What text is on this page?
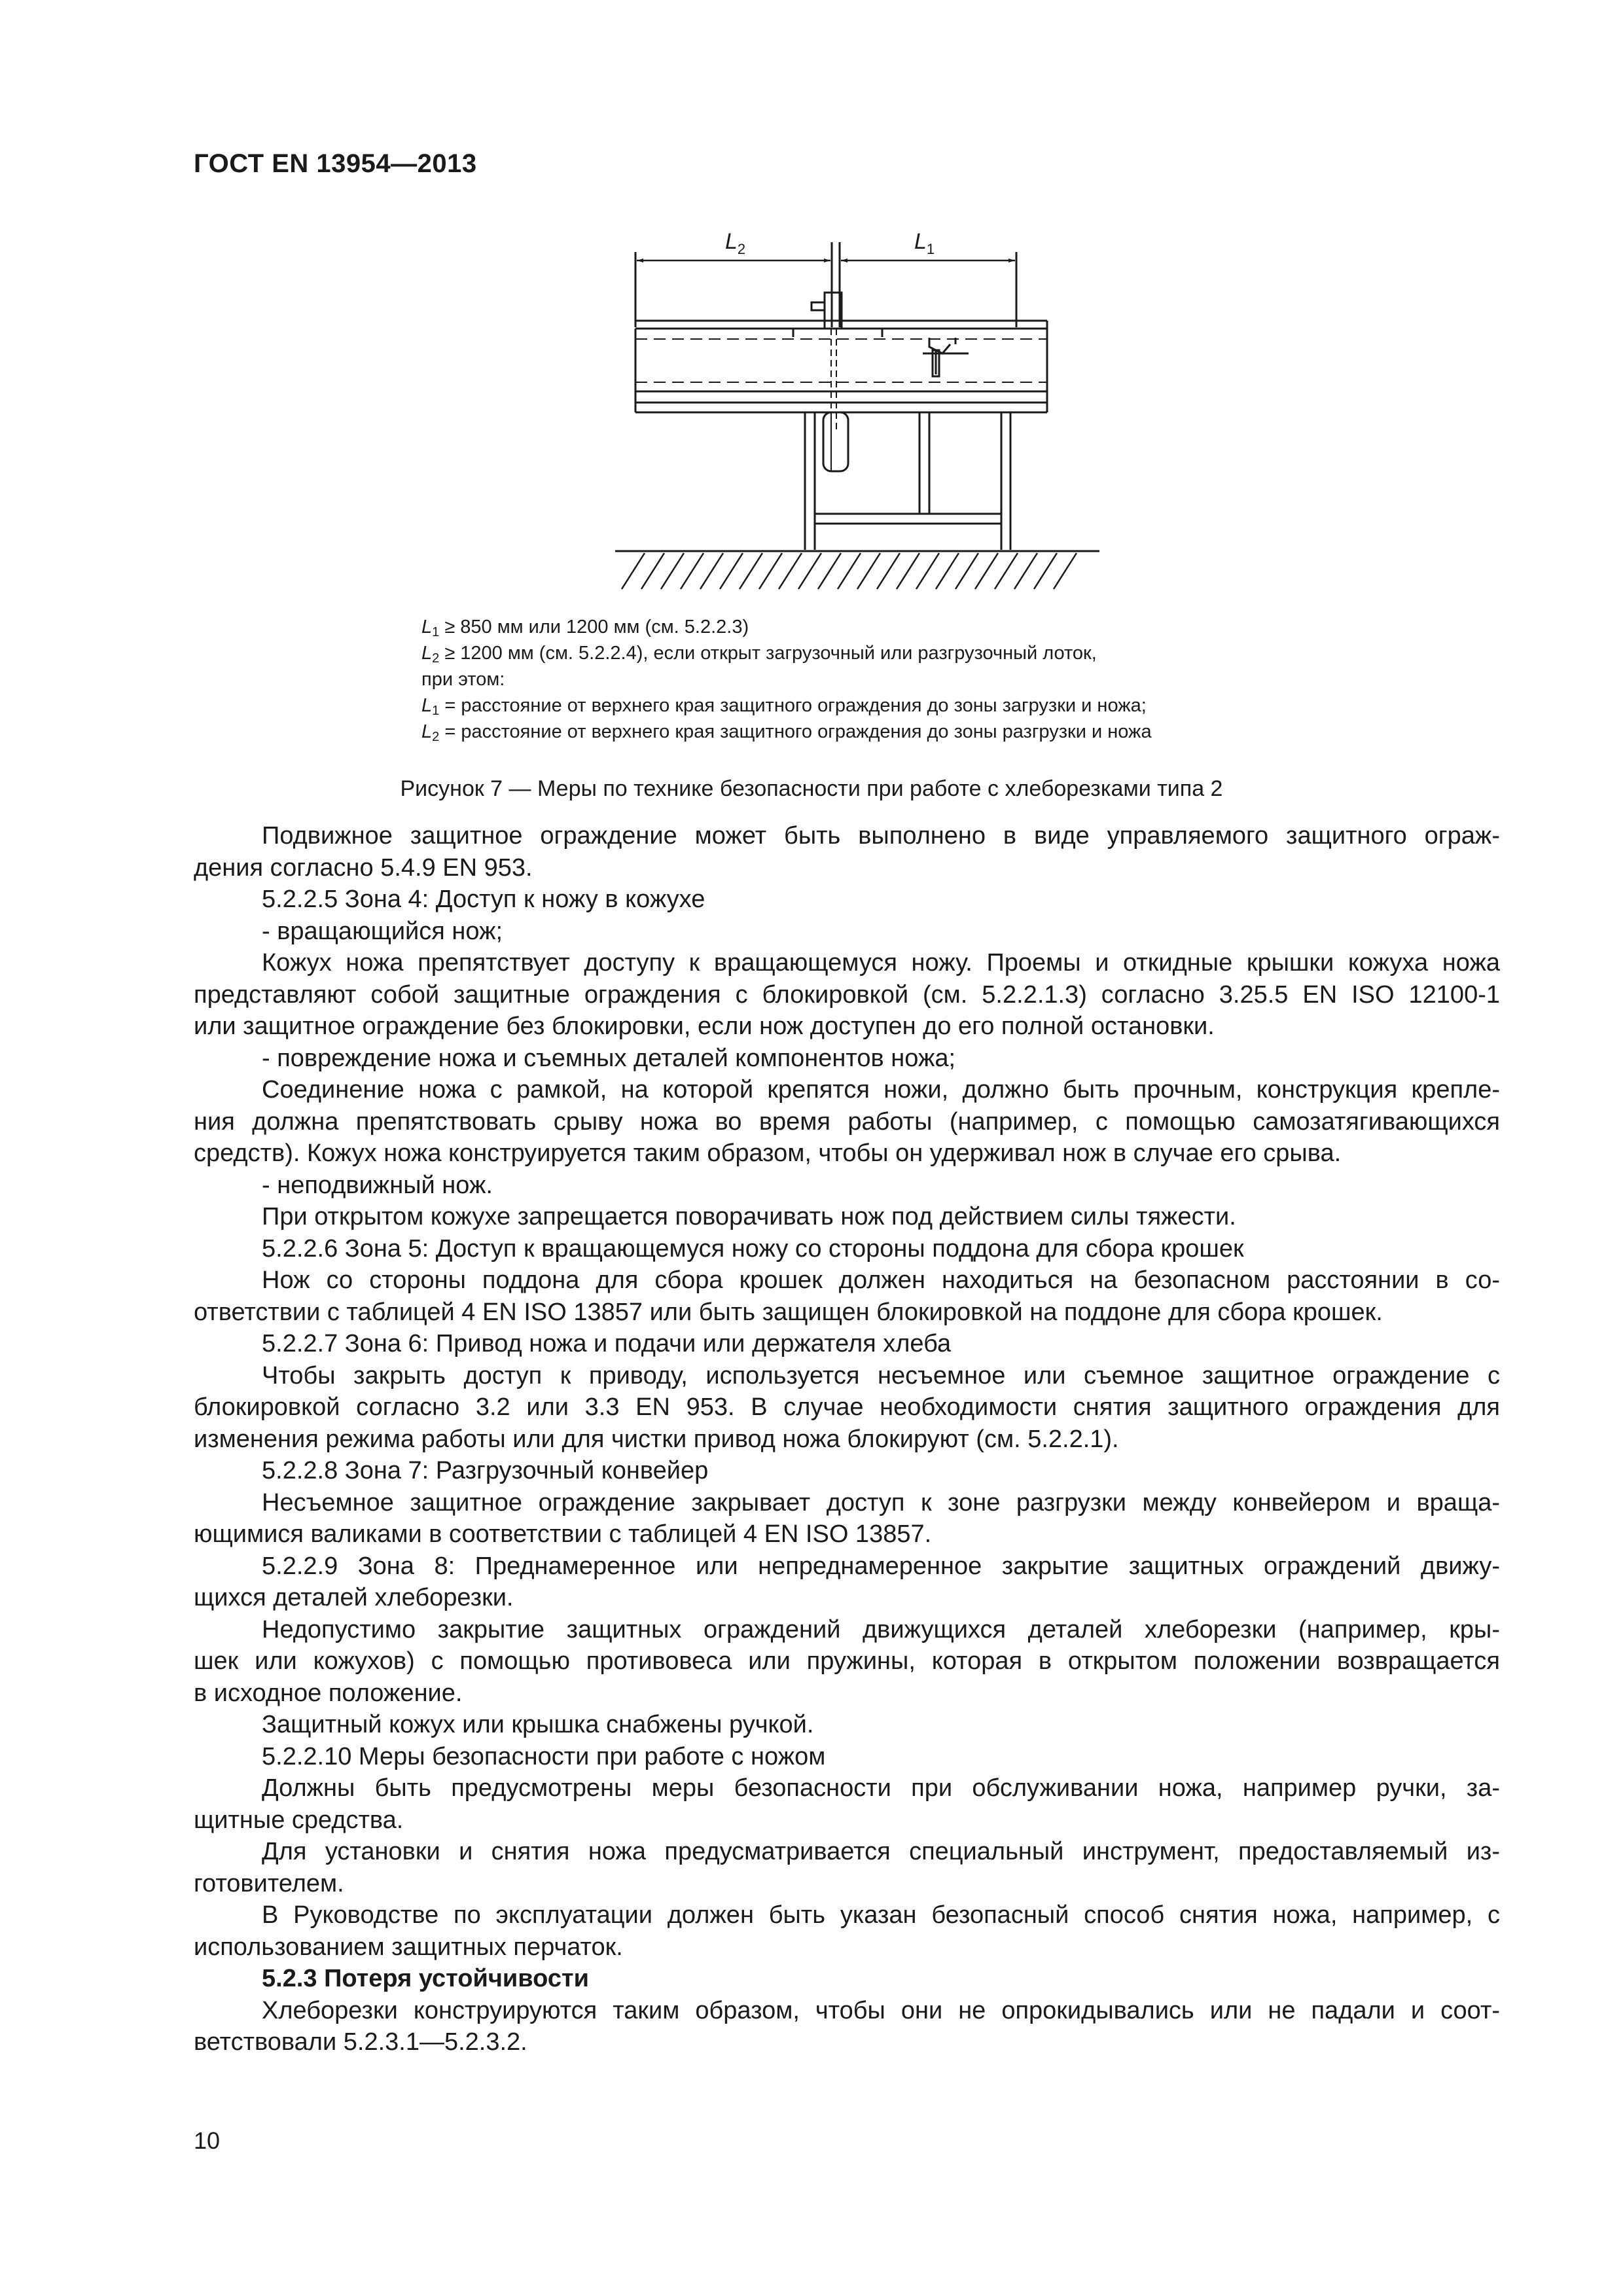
ГОСТ EN 13954—2013
$L_2$	$L_1$
$L_1 \ge 850$ мм или 1200 мм (см. 5.2.2.3)
$L_2 \ge 1200$ мм (см. 5.2.2.4), если открыт загрузочный или разгрузочный лоток,
при этом:
$L_1$ = расстояние от верхнего края защитного ограждения до зоны загрузки и ножа;
$L_2$ = расстояние от верхнего края защитного ограждения до зоны разгрузки и ножа
Рисунок 7 — Меры по технике безопасности при работе с хлеборезками типа 2

Подвижное защитное ограждение может быть выполнено в виде управляемого защитного ограж-

дения согласно 5.4.9 EN 953.

5.2.2.5 Зона 4: Доступ к ножу в кожухе

- вращающийся нож;

Кожух ножа препятствует доступу к вращающемуся ножу. Проемы и откидные крышки кожуха ножа

представляют собой защитные ограждения с блокировкой (см. 5.2.2.1.3) согласно 3.25.5 EN ISO 12100-1

или защитное ограждение без блокировки, если нож доступен до его полной остановки.

- повреждение ножа и съемных деталей компонентов ножа;

Соединение ножа с рамкой, на которой крепятся ножи, должно быть прочным, конструкция крепле-

ния должна препятствовать срыву ножа во время работы (например, с помощью самозатягивающихся

средств). Кожух ножа конструируется таким образом, чтобы он удерживал нож в случае его срыва.

- неподвижный нож.

При открытом кожухе запрещается поворачивать нож под действием силы тяжести.

5.2.2.6 Зона 5: Доступ к вращающемуся ножу со стороны поддона для сбора крошек

Нож со стороны поддона для сбора крошек должен находиться на безопасном расстоянии в со-

ответствии с таблицей 4 EN ISO 13857 или быть защищен блокировкой на поддоне для сбора крошек.

5.2.2.7 Зона 6: Привод ножа и подачи или держателя хлеба

Чтобы закрыть доступ к приводу, используется несъемное или съемное защитное ограждение с

блокировкой согласно 3.2 или 3.3 EN 953. В случае необходимости снятия защитного ограждения для

изменения режима работы или для чистки привод ножа блокируют (см. 5.2.2.1).

5.2.2.8 Зона 7: Разгрузочный конвейер

Несъемное защитное ограждение закрывает доступ к зоне разгрузки между конвейером и враща-

ющимися валиками в соответствии с таблицей 4 EN ISO 13857.

5.2.2.9 Зона 8: Преднамеренное или непреднамеренное закрытие защитных ограждений движу-

щихся деталей хлеборезки.

Недопустимо закрытие защитных ограждений движущихся деталей хлеборезки (например, кры-

шек или кожухов) с помощью противовеса или пружины, которая в открытом положении возвращается

в исходное положение.

Защитный кожух или крышка снабжены ручкой.

5.2.2.10 Меры безопасности при работе с ножом

Должны быть предусмотрены меры безопасности при обслуживании ножа, например ручки, за-

щитные средства.

Для установки и снятия ножа предусматривается специальный инструмент, предоставляемый из-

готовителем.

В Руководстве по эксплуатации должен быть указан безопасный способ снятия ножа, например, с

использованием защитных перчаток.

5.2.3 Потеря устойчивости

Хлеборезки конструируются таким образом, чтобы они не опрокидывались или не падали и соот-

ветствовали 5.2.3.1—5.2.3.2.

10
